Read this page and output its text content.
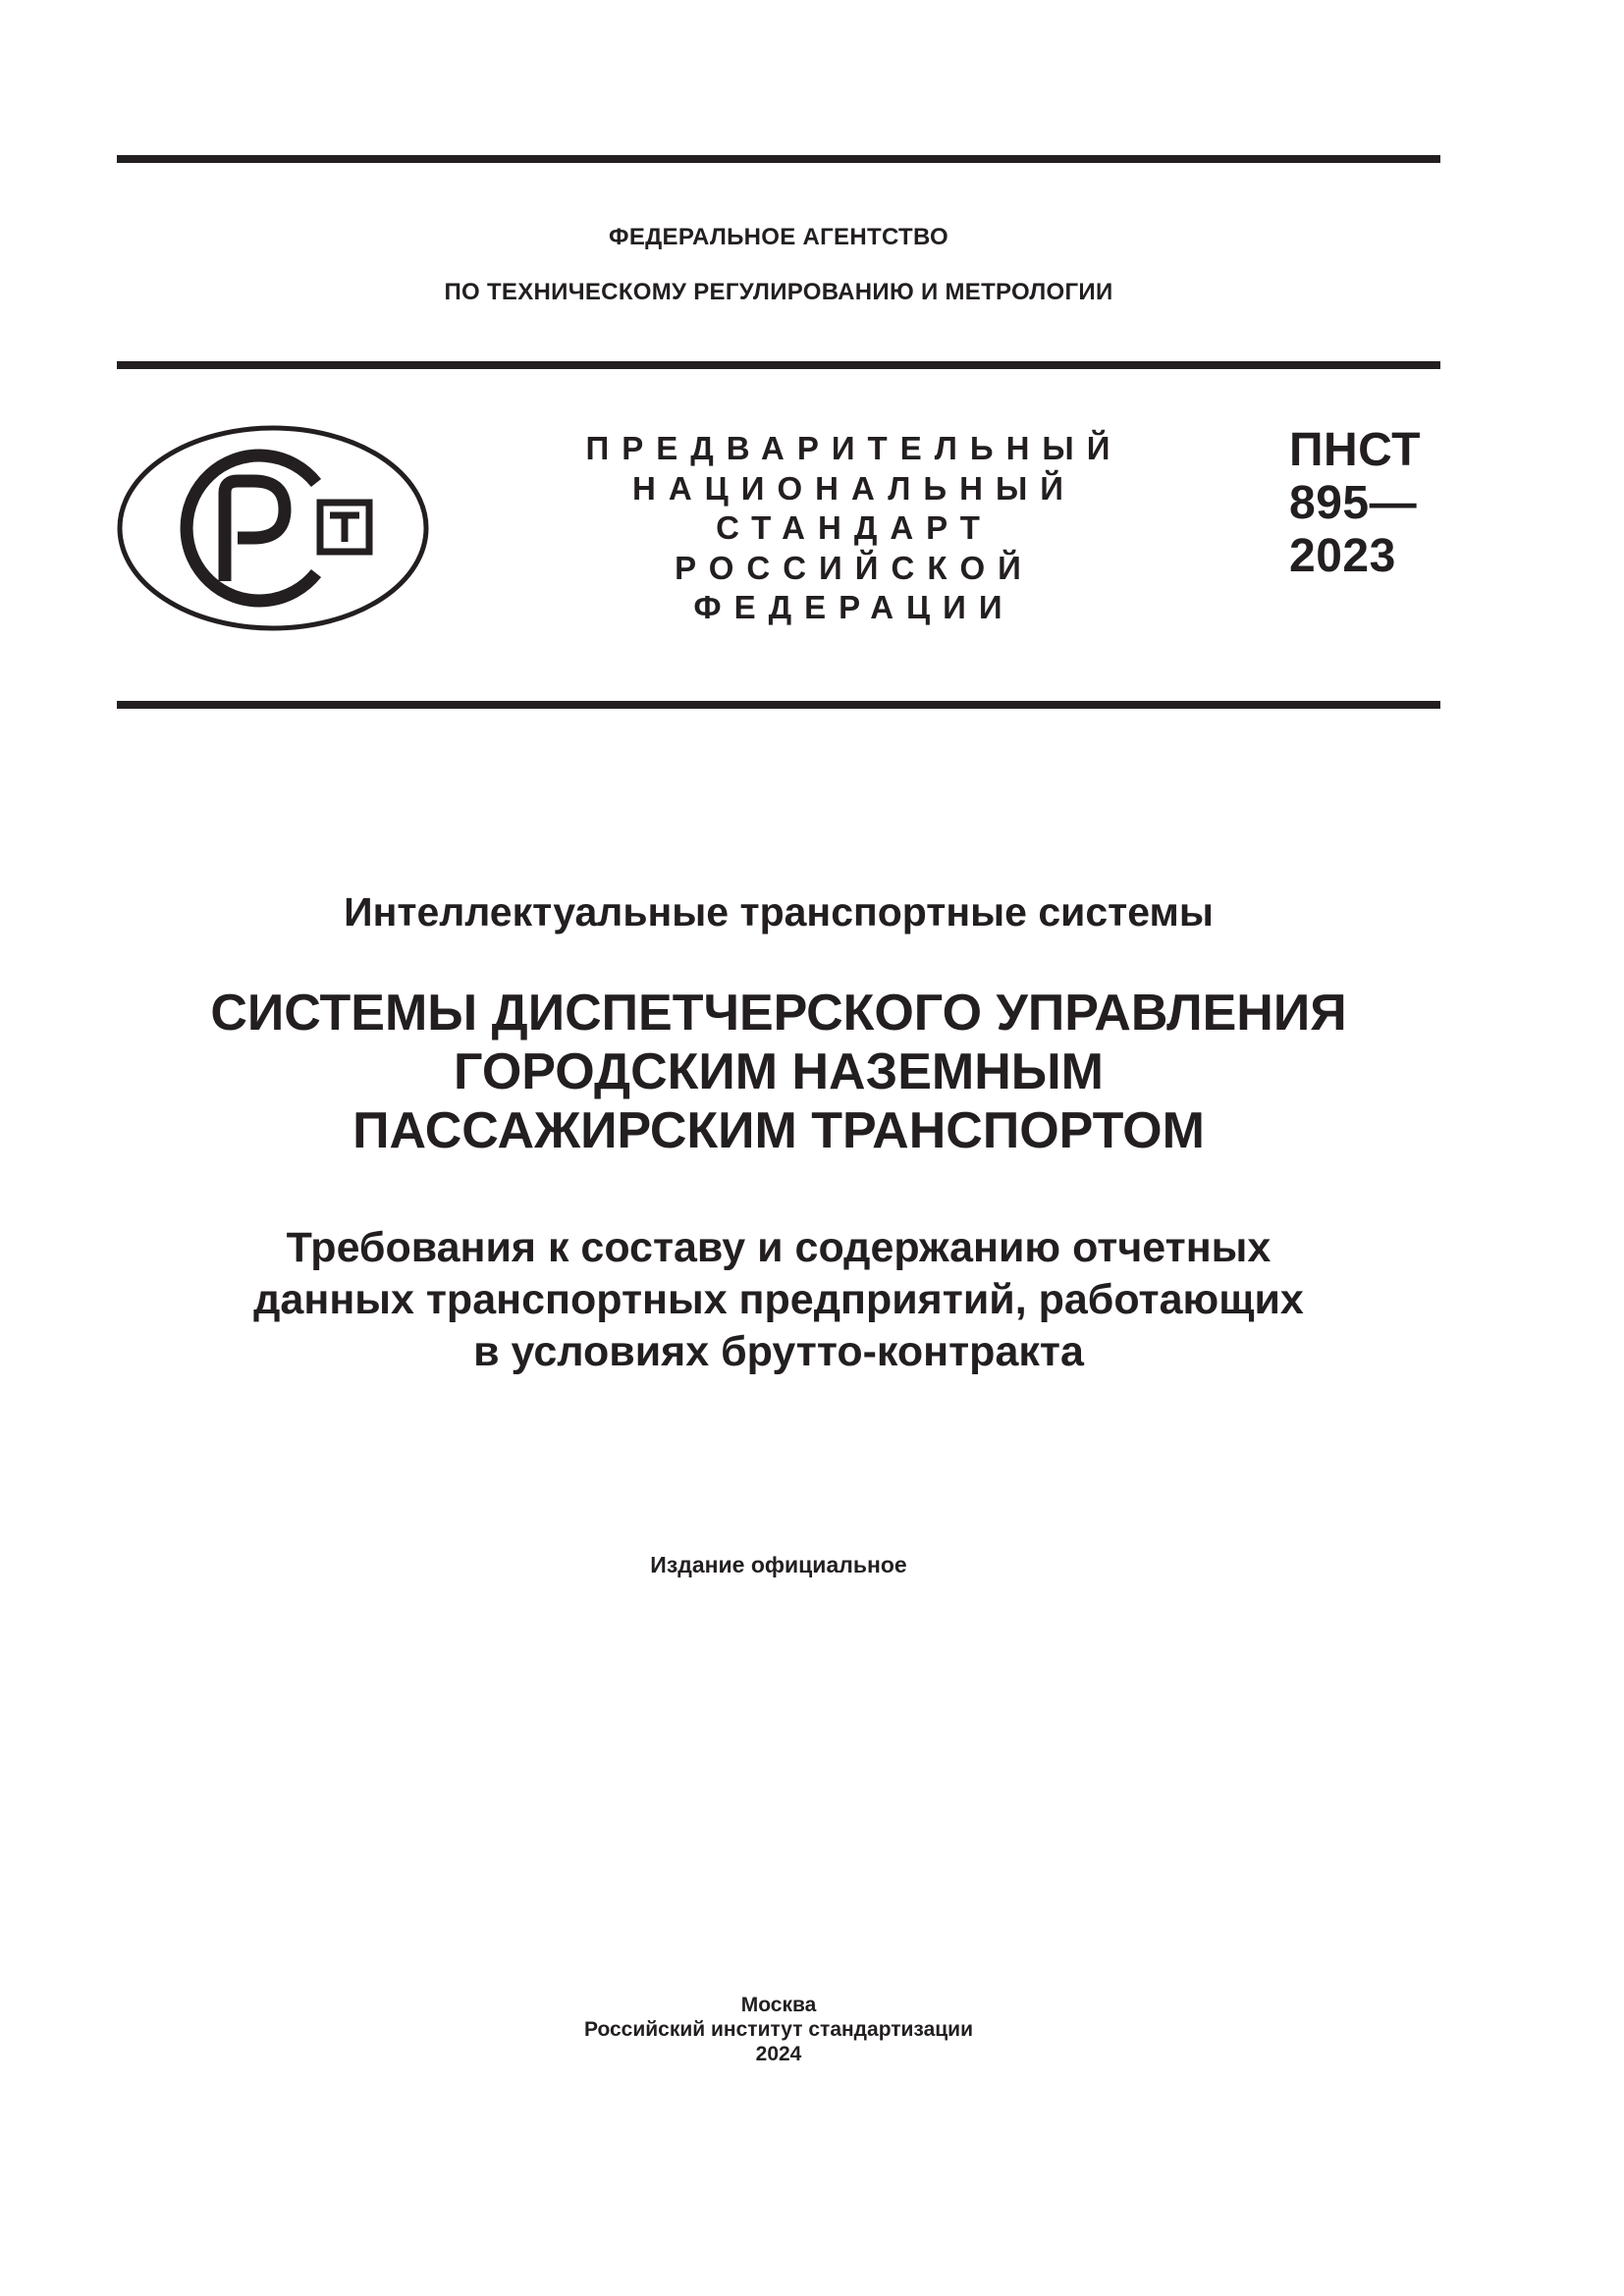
ФЕДЕРАЛЬНОЕ АГЕНТСТВО
ПО ТЕХНИЧЕСКОМУ РЕГУЛИРОВАНИЮ И МЕТРОЛОГИИ
ПРЕДВАРИТЕЛЬНЫЙ
НАЦИОНАЛЬНЫЙ
СТАНДАРТ
РОССИЙСКОЙ
ФЕДЕРАЦИИ
ПНСТ
895—
2023
Интеллектуальные транспортные системы
СИСТЕМЫ ДИСПЕТЧЕРСКОГО УПРАВЛЕНИЯ
ГОРОДСКИМ НАЗЕМНЫМ
ПАССАЖИРСКИМ ТРАНСПОРТОМ
Требования к составу и содержанию отчетных
данных транспортных предприятий, работающих
в условиях брутто-контракта
Издание официальное
Москва
Российский институт стандартизации
2024
